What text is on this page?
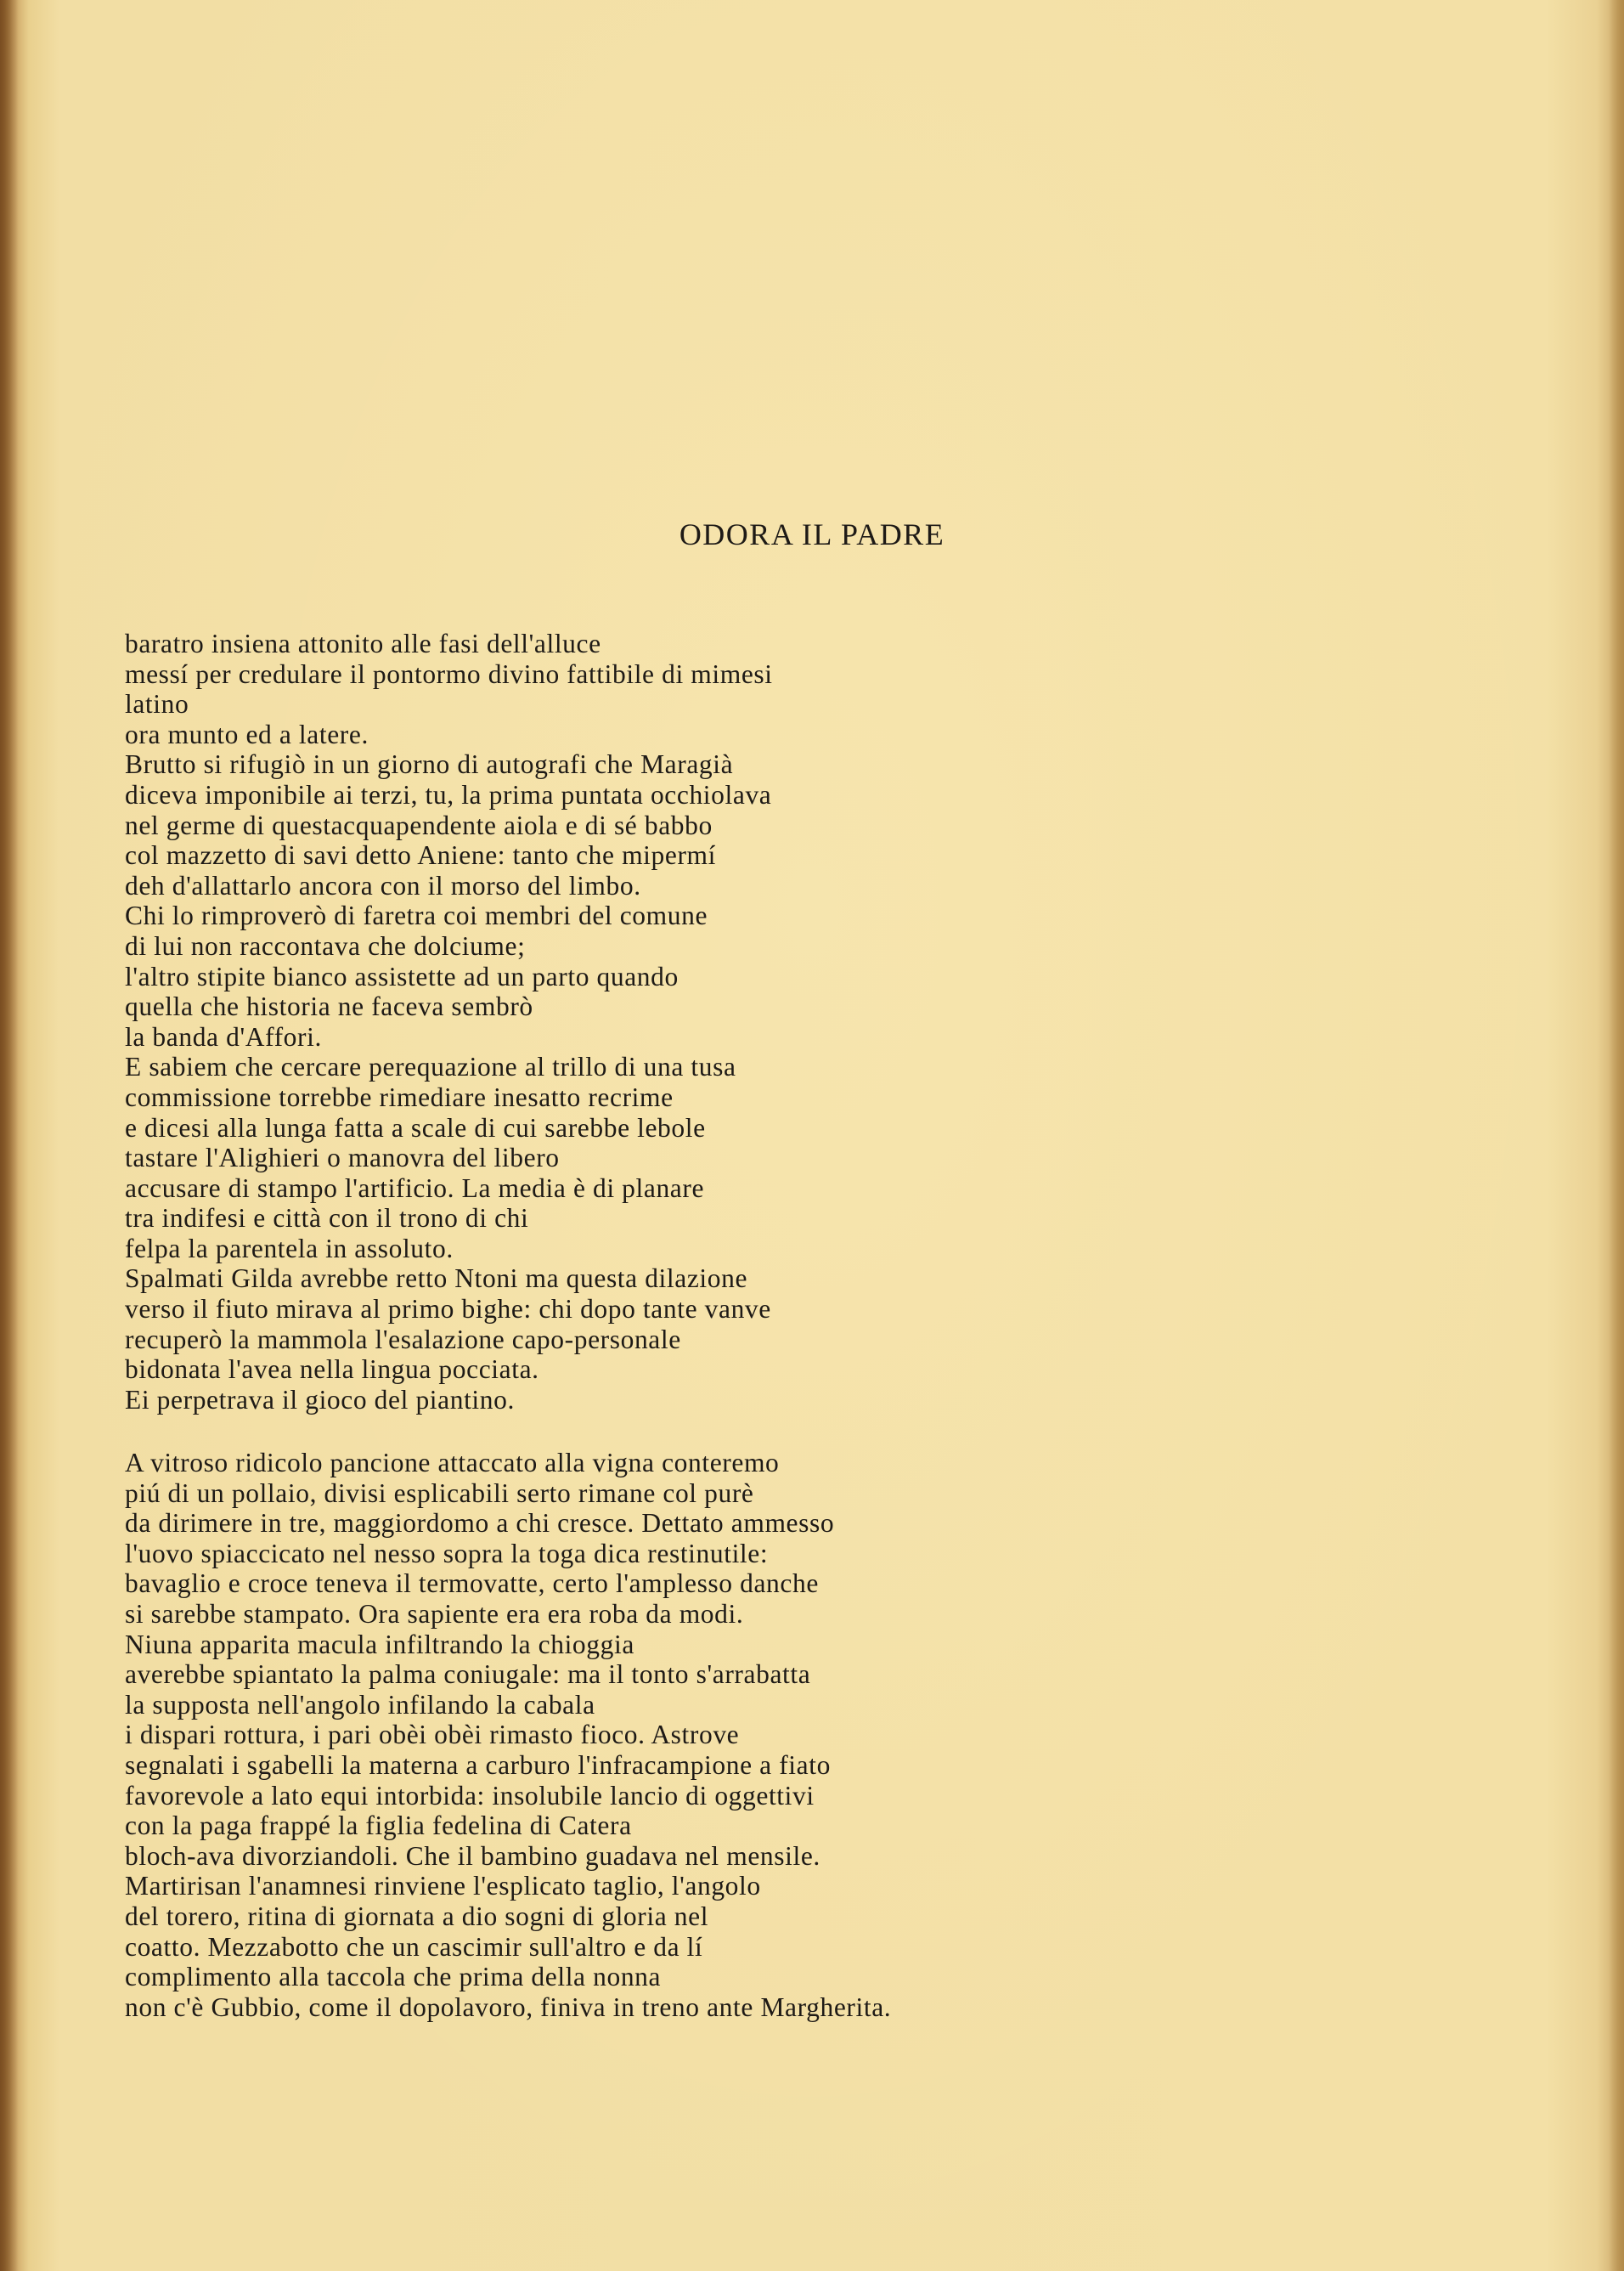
ODORA IL PADRE
baratro insiena attonito alle fasi dell'alluce
messí per credulare il pontormo divino fattibile di mimesi
latino
ora munto ed a latere.
Brutto si rifugiò in un giorno di autografi che Maragià
diceva imponibile ai terzi, tu, la prima puntata occhiolava
nel germe di questacquapendente aiola e di sé babbo
col mazzetto di savi detto Aniene: tanto che mipermí
deh d'allattarlo ancora con il morso del limbo.
Chi lo rimproverò di faretra coi membri del comune
di lui non raccontava che dolciume;
l'altro stipite bianco assistette ad un parto quando
quella che historia ne faceva sembrò
la banda d'Affori.
E sabiem che cercare perequazione al trillo di una tusa
commissione torrebbe rimediare inesatto recrime
e dicesi alla lunga fatta a scale di cui sarebbe lebole
tastare l'Alighieri o manovra del libero
accusare di stampo l'artificio. La media è di planare
tra indifesi e città con il trono di chi
felpa la parentela in assoluto.
Spalmati Gilda avrebbe retto Ntoni ma questa dilazione
verso il fiuto mirava al primo bighe: chi dopo tante vanve
recuperò la mammola l'esalazione capo-personale
bidonata l'avea nella lingua pocciata.
Ei perpetrava il gioco del piantino.
A vitroso ridicolo pancione attaccato alla vigna conteremo
piú di un pollaio, divisi esplicabili serto rimane col purè
da dirimere in tre, maggiordomo a chi cresce. Dettato ammesso
l'uovo spiaccicato nel nesso sopra la toga dica restinutile:
bavaglio e croce teneva il termovatte, certo l'amplesso danche
si sarebbe stampato. Ora sapiente era era roba da modi.
Niuna apparita macula infiltrando la chioggia
averebbe spiantato la palma coniugale: ma il tonto s'arrabatta
la supposta nell'angolo infilando la cabala
i dispari rottura, i pari obèi obèi rimasto fioco. Astrove
segnalati i sgabelli la materna a carburo l'infracampione a fiato
favorevole a lato equi intorbida: insolubile lancio di oggettivi
con la paga frappé la figlia fedelina di Catera
bloch-ava divorziandoli. Che il bambino guadava nel mensile.
Martirisan l'anamnesi rinviene l'esplicato taglio, l'angolo
del torero, ritina di giornata a dio sogni di gloria nel
coatto. Mezzabotto che un cascimir sull'altro e da lí
complimento alla taccola che prima della nonna
non c'è Gubbio, come il dopolavoro, finiva in treno ante Margherita.
